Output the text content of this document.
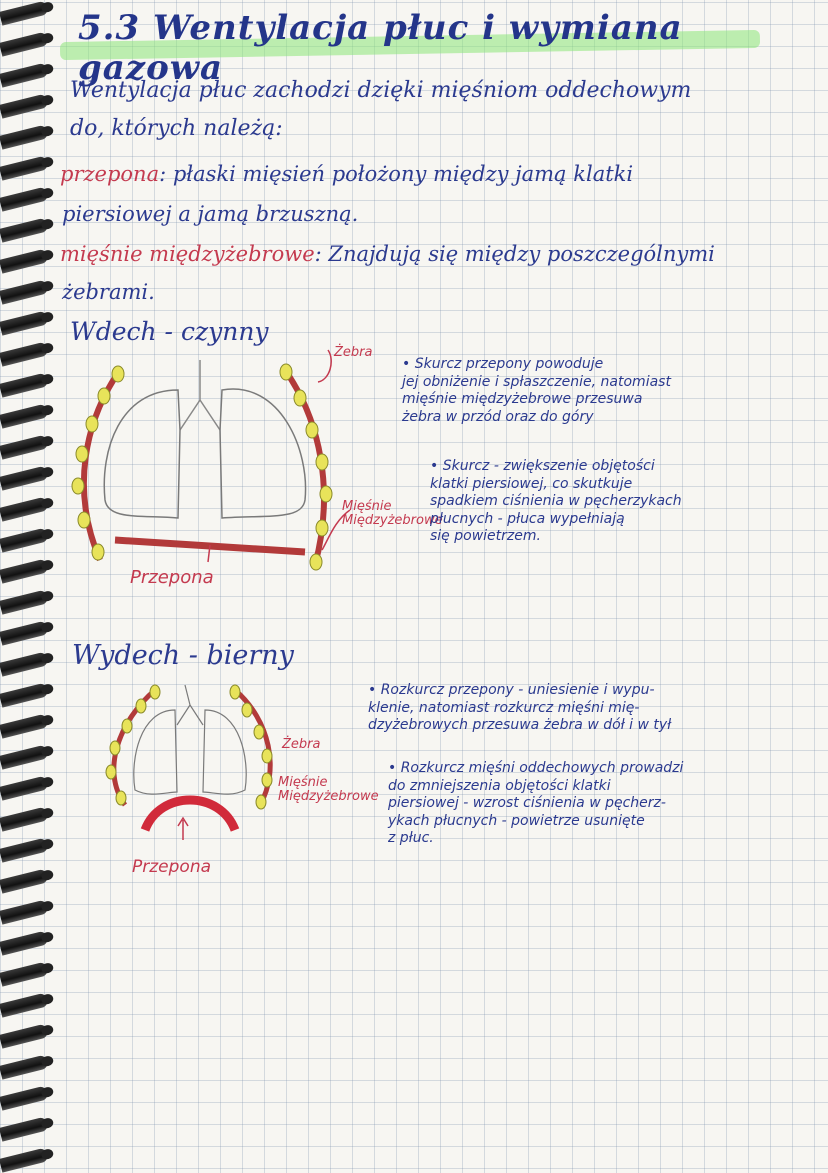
5.3 Wentylacja płuc i wymiana gazowa

Wentylacja płuc zachodzi dzięki mięśniom oddechowym

do, których należą:

przepona: płaski mięsień położony między jamą klatki

piersiowej a jamą brzuszną.

mięśnie międzyżebrowe: Znajdują się między poszczególnymi

żebrami.

Wdech - czynny

Żebra
Mięśnie Międzyżebrowe
Przepona
• Skurcz przepony powoduje
jej obniżenie i spłaszczenie, natomiast
mięśnie międzyżebrowe przesuwa
żebra w przód oraz do góry
• Skurcz - zwiększenie objętości
klatki piersiowej, co skutkuje
spadkiem ciśnienia w pęcherzykach
płucnych - płuca wypełniają
się powietrzem.

Wydech - bierny

Żebra
Mięśnie Międzyżebrowe
Przepona
• Rozkurcz przepony - uniesienie i wypu-
klenie, natomiast rozkurcz mięśni mię-
dzyżebrowych przesuwa żebra w dół i w tył
• Rozkurcz mięśni oddechowych prowadzi
do zmniejszenia objętości klatki
piersiowej - wzrost ciśnienia w pęcherz-
ykach płucnych - powietrze usunięte
z płuc.
